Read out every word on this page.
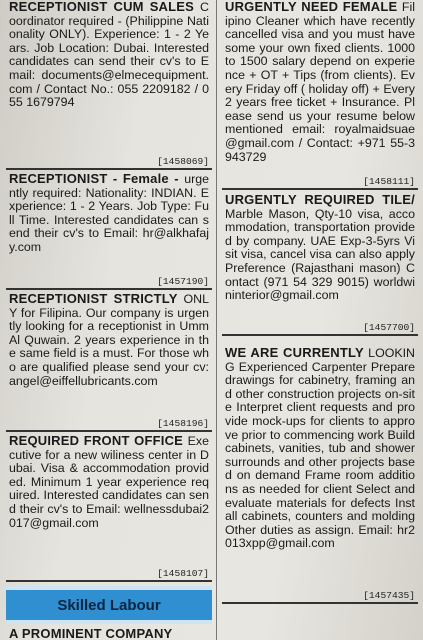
RECEPTIONIST CUM SALES Coordinator required - (Philippine Nationality ONLY). Experience: 1 - 2 Years. Job Location: Dubai. Interested candidates can send their cv's to Email: documents@elmecequipment.com / Contact No.: 055 2209182 / 055 1679794
[1458069]
RECEPTIONIST - Female - urgently required: Nationality: INDIAN. Experience: 1 - 2 Years. Job Type: Full Time. Interested candidates can send their cv's to Email: hr@alkhafajy.com
[1457190]
RECEPTIONIST STRICTLY ONLY for Filipina. Our company is urgently looking for a receptionist in Umm Al Quwain. 2 years experience in the same field is a must. For those who are qualified please send your cv: angel@eiffellubricants.com
[1458196]
REQUIRED FRONT OFFICE Executive for a new wiliness center in Dubai. Visa & accommodation provided. Minimum 1 year experience required. Interested candidates can send their cv's to Email: wellnessdubai2017@gmail.com
[1458107]
Skilled Labour
A PROMINENT COMPANY
URGENTLY NEED FEMALE Filipino Cleaner which have recently cancelled visa and you must have some your own fixed clients. 1000 to 1500 salary depend on experience + OT + Tips (from clients). Every Friday off ( holiday off) + Every 2 years free ticket + Insurance. Please send us your resume below mentioned email: royalmaidsuae@gmail.com / Contact: +971 55-3943729
[1458111]
URGENTLY REQUIRED TILE/ Marble Mason, Qty-10 visa, accommodation, transportation provided by company. UAE Exp-3-5yrs Visit visa, cancel visa can also apply Preference (Rajasthani mason) Contact (971 54 329 9015) worldwininterior@gmail.com
[1457700]
WE ARE CURRENTLY LOOKING Experienced Carpenter Prepare drawings for cabinetry, framing and other construction projects on-site Interpret client requests and provide mock-ups for clients to approve prior to commencing work Build cabinets, vanities, tub and shower surrounds and other projects based on demand Frame room additions as needed for client Select and evaluate materials for defects Install cabinets, counters and molding Other duties as assign. Email: hr2013xpp@gmail.com
[1457435]
